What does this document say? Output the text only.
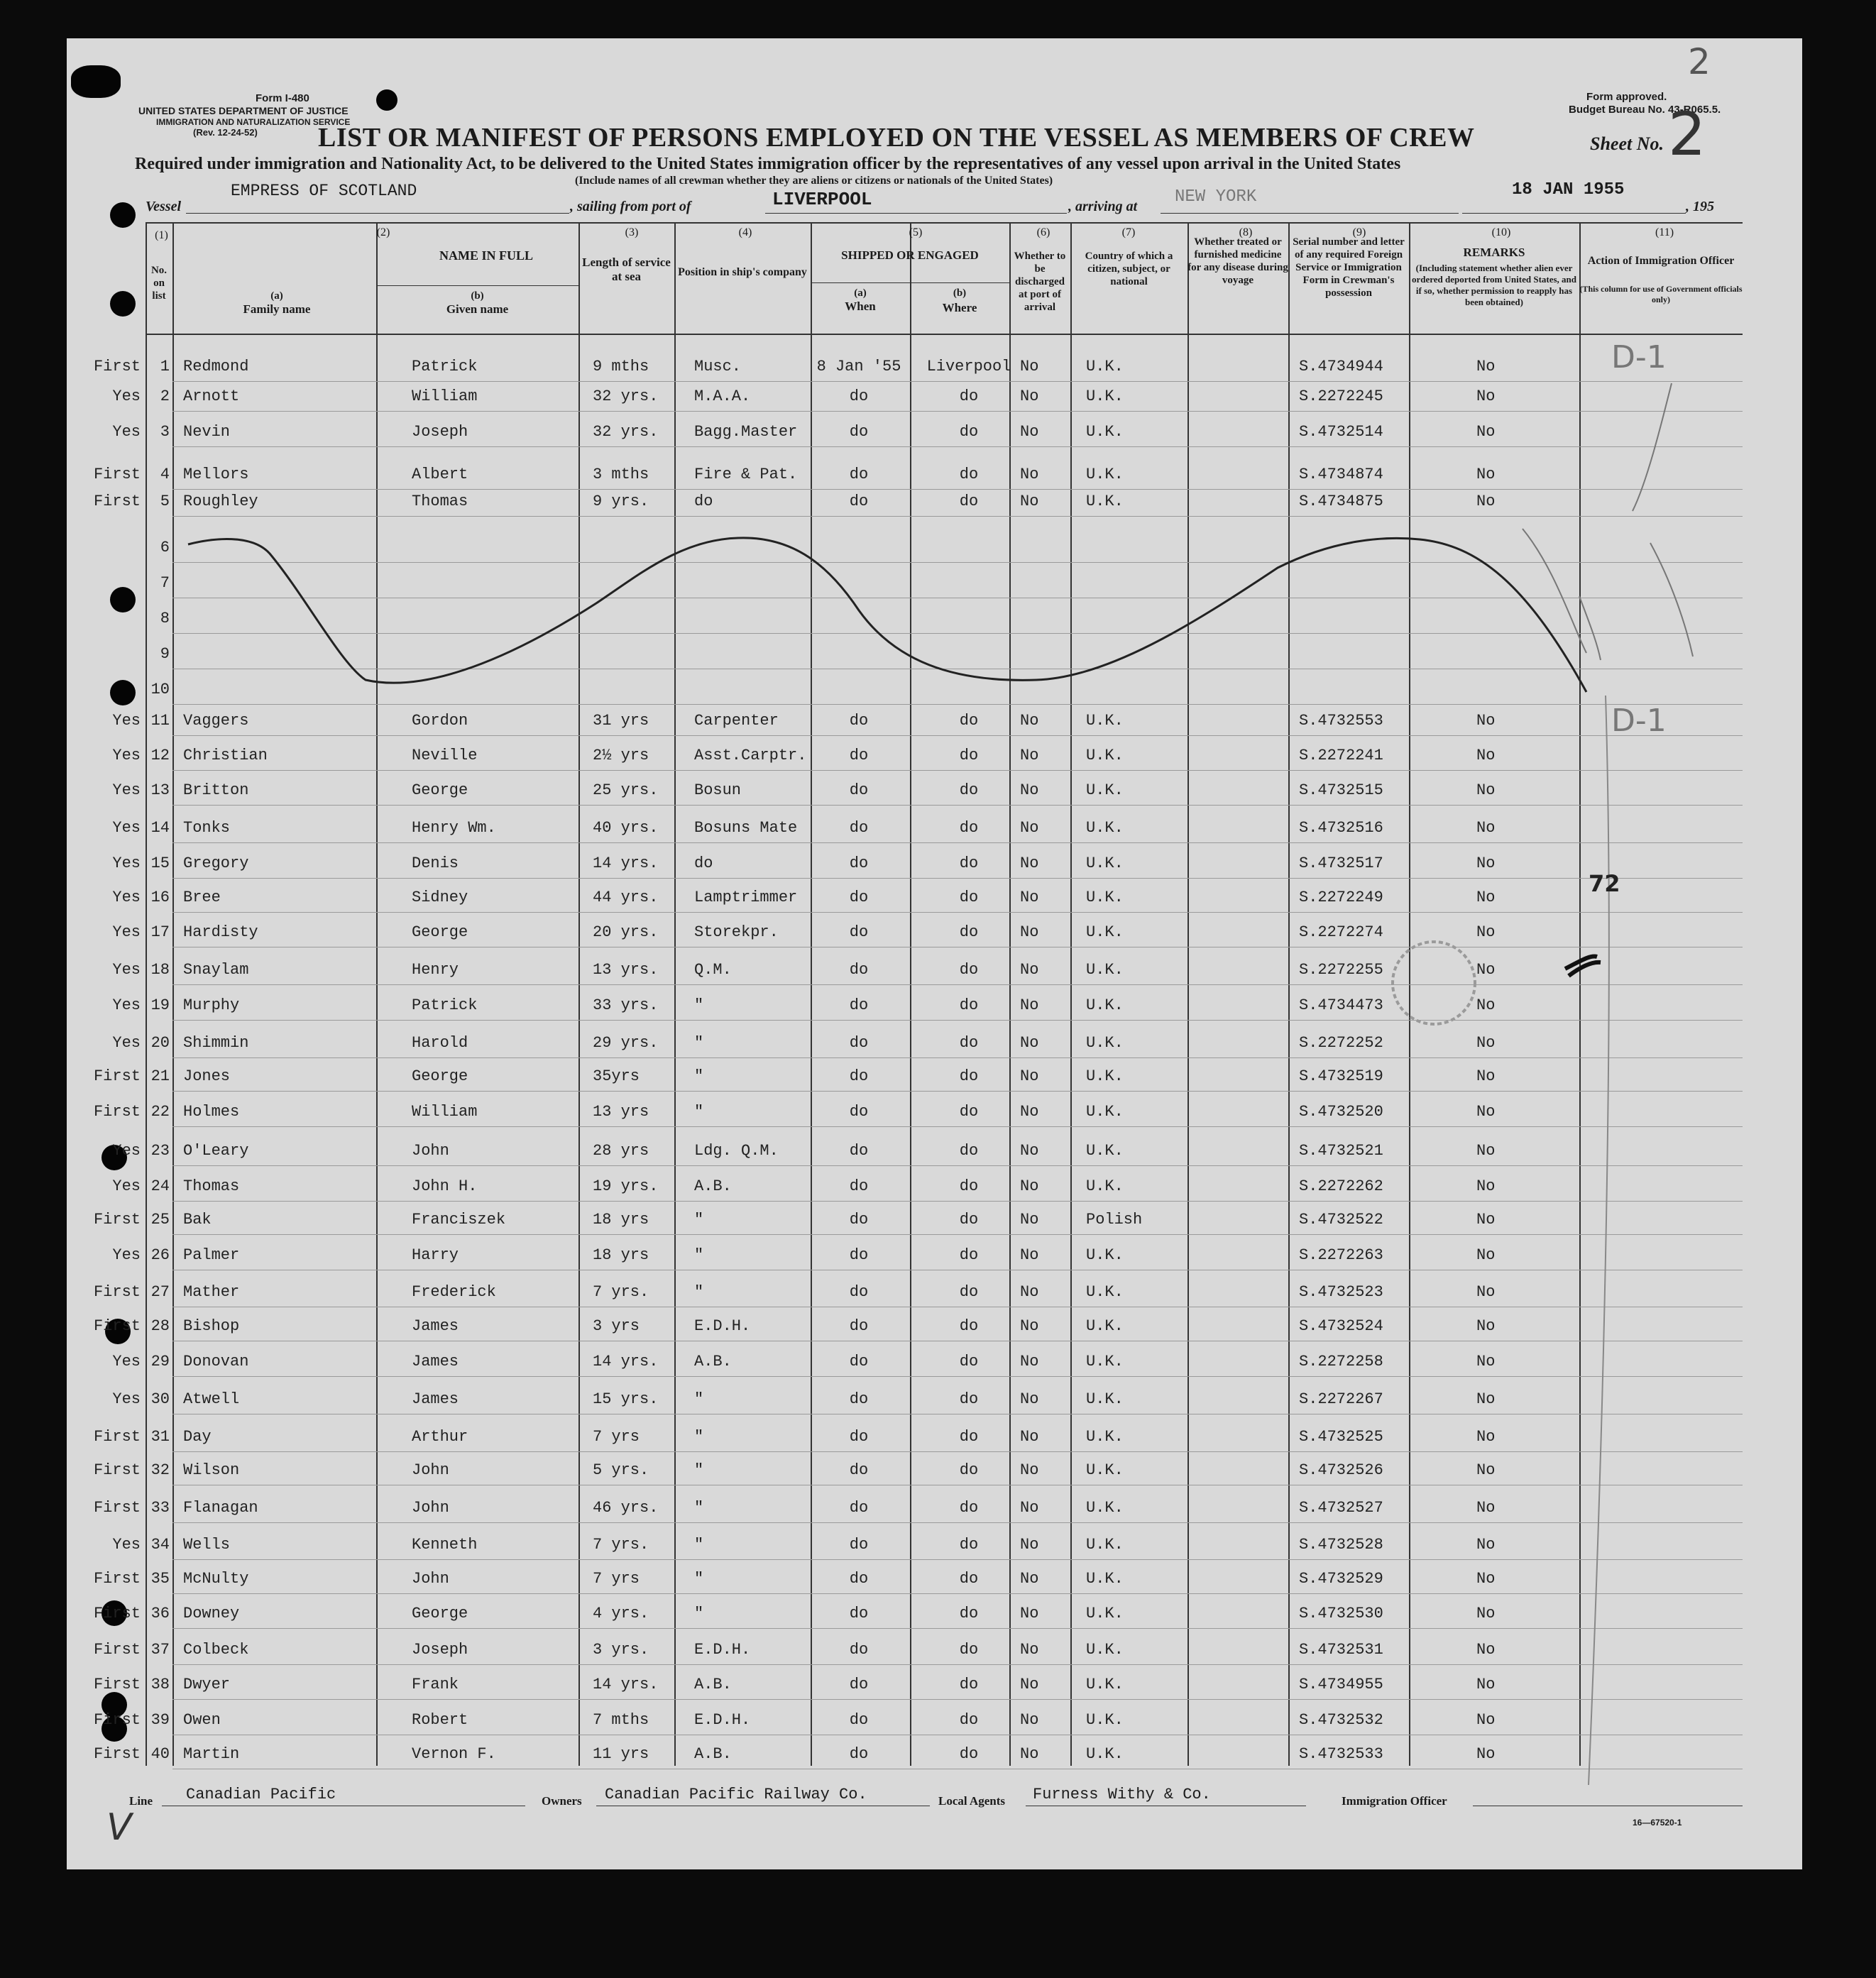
Form I-480
UNITED STATES DEPARTMENT OF JUSTICE
IMMIGRATION AND NATURALIZATION SERVICE
(Rev. 12-24-52)
Form approved.
Budget Bureau No. 43-R065.5.
2
LIST OR MANIFEST OF PERSONS EMPLOYED ON THE VESSEL AS MEMBERS OF CREW	Sheet No. 2
Required under immigration and Nationality Act, to be delivered to the United States immigration officer by the representatives of any vessel upon arrival in the United States
(Include names of all crewman whether they are aliens or citizens or nationals of the United States)
Vessel
EMPRESS OF SCOTLAND
, sailing from port of	LIVERPOOL	, arriving at NEW YORK	18 JAN 1955
, 195
(1)	(2)	(3)	(4)	(5)	(6)	(7)	(8)	(9)	(10)	(11)
No. on list
NAME IN FULL
(a)
Family name
(b)
Given name
Length of service at sea	Position in ship's company
SHIPPED OR ENGAGED
(a)
When
(b)
Where
Whether to be discharged at port of arrival
Country of which a citizen, subject, or national
Whether treated or furnished medicine for any disease during voyage
Serial number and letter of any required Foreign Service or Immigration Form in Crewman's possession
REMARKS
(Including statement whether alien ever ordered deported from United States, and if so, whether permission to reapply has been obtained)
Action of Immigration Officer
(This column for use of Government officials only)
First	1 Redmond	Patrick	9 mths	Musc.	8 Jan '55 Liverpool No	U.K.	S.4734944	No
Yes	2 Arnott	William	32 yrs. M.A.A.	do	do	No	U.K.	S.2272245	No
Yes	3 Nevin	Joseph	32 yrs. Bagg.Master	do	do	No	U.K.	S.4732514	No
First	4 Mellors	Albert	3 mths	Fire & Pat.	do	do	No	U.K.	S.4734874	No
First	5 Roughley	Thomas	9 yrs.	do	do	do	No	U.K.	S.4734875	No
6
7
8
9
10
Yes 11 Vaggers	Gordon	31 yrs	Carpenter	do	do	No	U.K.	S.4732553	No
Yes 12 Christian	Neville	2½ yrs	Asst.Carptr.	do	do	No	U.K.	S.2272241	No
Yes 13 Britton	George	25 yrs. Bosun	do	do	No	U.K.	S.4732515	No
Yes 14 Tonks	Henry Wm.	40 yrs. Bosuns Mate	do	do	No	U.K.	S.4732516	No
Yes 15 Gregory	Denis	14 yrs. do	do	do	No	U.K.	S.4732517	No
Yes 16 Bree	Sidney	44 yrs. Lamptrimmer	do	do	No	U.K.	S.2272249	No
Yes 17 Hardisty	George	20 yrs. Storekpr.	do	do	No	U.K.	S.2272274	No
Yes 18 Snaylam	Henry	13 yrs. Q.M.	do	do	No	U.K.	S.2272255	No
Yes 19 Murphy	Patrick	33 yrs. "	do	do	No	U.K.	S.4734473	No
Yes 20 Shimmin	Harold	29 yrs. "	do	do	No	U.K.	S.2272252	No
First 21 Jones	George	35yrs	"	do	do	No	U.K.	S.4732519	No
First 22 Holmes	William	13 yrs	"	do	do	No	U.K.	S.4732520	No
Yes 23 O'Leary	John	28 yrs	Ldg. Q.M.	do	do	No	U.K.	S.4732521	No
Yes 24 Thomas	John H.	19 yrs. A.B.	do	do	No	U.K.	S.2272262	No
First 25 Bak	Franciszek	18 yrs	"	do	do	No	Polish	S.4732522	No
Yes 26 Palmer	Harry	18 yrs	"	do	do	No	U.K.	S.2272263	No
First 27 Mather	Frederick	7 yrs.	"	do	do	No	U.K.	S.4732523	No
First 28 Bishop	James	3 yrs	E.D.H.	do	do	No	U.K.	S.4732524	No
Yes 29 Donovan	James	14 yrs. A.B.	do	do	No	U.K.	S.2272258	No
Yes 30 Atwell	James	15 yrs. "	do	do	No	U.K.	S.2272267	No
First 31 Day	Arthur	7 yrs	"	do	do	No	U.K.	S.4732525	No
First 32 Wilson	John	5 yrs.	"	do	do	No	U.K.	S.4732526	No
First 33 Flanagan	John	46 yrs. "	do	do	No	U.K.	S.4732527	No
Yes 34 Wells	Kenneth	7 yrs.	"	do	do	No	U.K.	S.4732528	No
First 35 McNulty	John	7 yrs	"	do	do	No	U.K.	S.4732529	No
First 36 Downey	George	4 yrs.	"	do	do	No	U.K.	S.4732530	No
First 37 Colbeck	Joseph	3 yrs.	E.D.H.	do	do	No	U.K.	S.4732531	No
First 38 Dwyer	Frank	14 yrs. A.B.	do	do	No	U.K.	S.4734955	No
First 39 Owen	Robert	7 mths	E.D.H.	do	do	No	U.K.	S.4732532	No
First 40 Martin	Vernon F.	11 yrs	A.B.	do	do	No	U.K.	S.4732533	No
D-1
D-1
72
V
Line Canadian Pacific	Owners Canadian Pacific Railway Co.	Local Agents Furness Withy & Co.	Immigration Officer
16—67520-1
